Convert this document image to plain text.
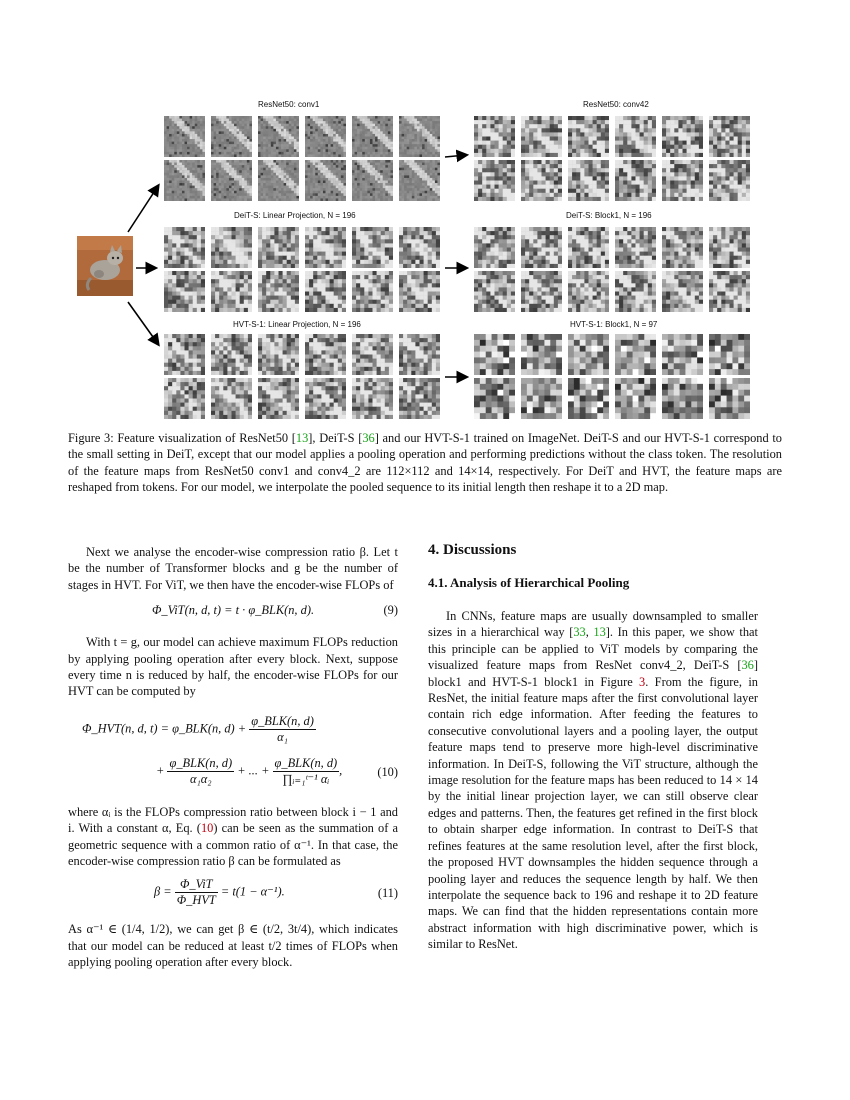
ResNet50: conv1	ResNet50: conv42
DeiT-S: Linear Projection, N = 196	DeiT-S: Block1, N = 196
HVT-S-1: Linear Projection, N = 196	HVT-S-1: Block1, N = 97
Figure 3: Feature visualization of ResNet50 [13], DeiT-S [36] and our HVT-S-1 trained on ImageNet. DeiT-S and our HVT-S-1 correspond to the small setting in DeiT, except that our model applies a pooling operation and performing predictions without the class token. The resolution of the feature maps from ResNet50 conv1 and conv4_2 are 112×112 and 14×14, respectively. For DeiT and HVT, the feature maps are reshaped from tokens. For our model, we interpolate the pooled sequence to its initial length then reshape it to a 2D map.

Next we analyse the encoder-wise compression ratio β. Let t be the number of Transformer blocks and g be the number of stages in HVT. For ViT, we then have the encoder-wise FLOPs of

Φ_ViT(n, d, t) = t · φ_BLK(n, d).	(9)

With t = g, our model can achieve maximum FLOPs reduction by applying pooling operation after every block. Next, suppose every time n is reduced by half, the encoder-wise FLOPs for our HVT can be computed by

Φ_HVT(n, d, t) = φ_BLK(n, $d) + \frac{\text{φ\_BLK(n, d)}}{\text{α₁}}$
+ $\frac{\text{φ\_BLK(n, d)}}{\text{α₁α₂}}$ + ... + $\frac{\text{φ\_BLK(n, d)}}{\text{∏ᵢ₌₁ᵗ⁻¹ αᵢ}}$ ,	(10)

where αᵢ is the FLOPs compression ratio between block i − 1 and i. With a constant α, Eq. (10) can be seen as the summation of a geometric sequence with a common ratio of α⁻¹. In that case, the encoder-wise compression ratio β can be formulated as

$\beta = \frac{\text{Φ\_ViT}}{\text{Φ\_HVT}} = t(1 - \alpha^{-1})$.	(11)

As α⁻¹ ∈ (1/4, 1/2), we can get β ∈ (t/2, 3t/4), which indicates that our model can be reduced at least t/2 times of FLOPs when applying pooling operation after every block.

4. Discussions
4.1. Analysis of Hierarchical Pooling

In CNNs, feature maps are usually downsampled to smaller sizes in a hierarchical way [33, 13]. In this paper, we show that this principle can be applied to ViT models by comparing the visualized feature maps from ResNet conv4_2, DeiT-S [36] block1 and HVT-S-1 block1 in Figure 3. From the figure, in ResNet, the initial feature maps after the first convolutional layer contain rich edge information. After feeding the features to consecutive convolutional layers and a pooling layer, the output feature maps tend to preserve more high-level discriminative information. In DeiT-S, following the ViT structure, although the image resolution for the feature maps has been reduced to 14 × 14 by the initial linear projection layer, we can still observe clear edges and patterns. Then, the features get refined in the first block to obtain sharper edge information. In contrast to DeiT-S that refines features at the same resolution level, after the first block, the proposed HVT downsamples the hidden sequence through a pooling layer and reduces the sequence length by half. We then interpolate the sequence back to 196 and reshape it to 2D feature maps. We can find that the hidden representations contain more abstract information with high discriminative power, which is similar to ResNet.
